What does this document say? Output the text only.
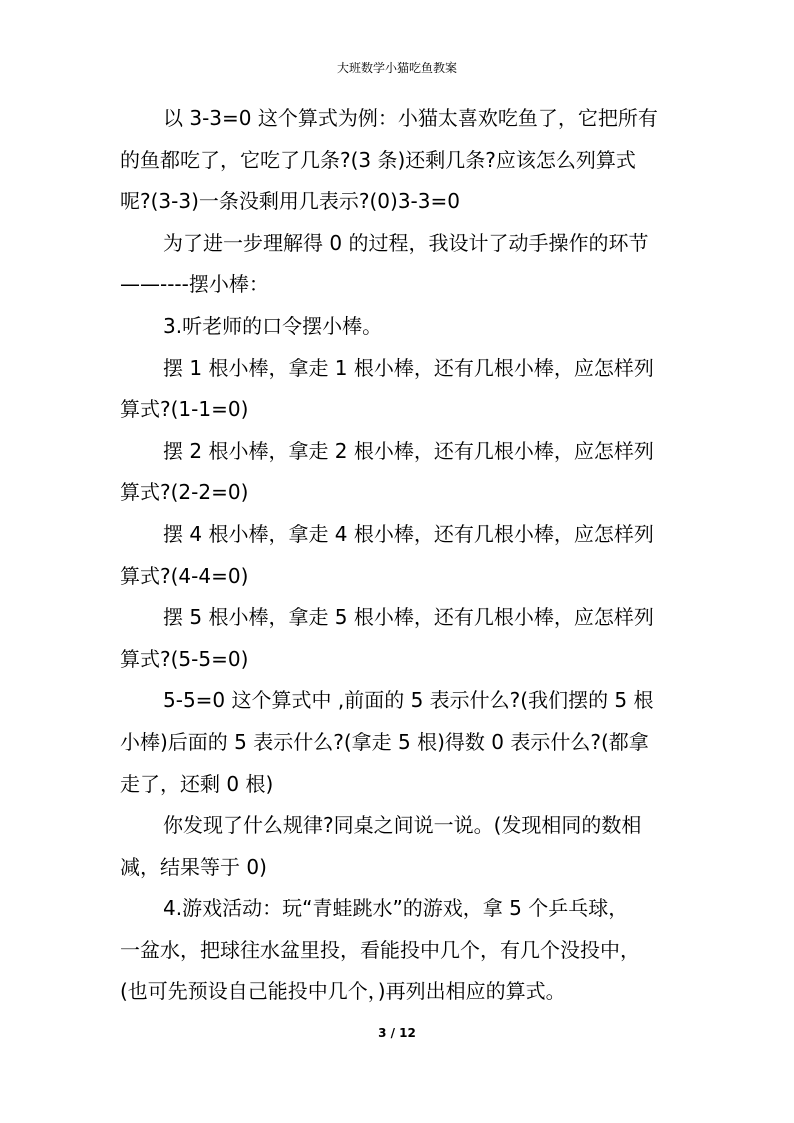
大班数学小猫吃鱼教案
以 3-3=0 这个算式为例：小猫太喜欢吃鱼了，它把所有
的鱼都吃了，它吃了几条?(3 条)还剩几条?应该怎么列算式
呢?(3-3)一条没剩用几表示?(0)3-3=0
为了进一步理解得 0 的过程，我设计了动手操作的环节
——----摆小棒：
3.听老师的口令摆小棒。
摆 1 根小棒，拿走 1 根小棒，还有几根小棒，应怎样列
算式?(1-1=0)
摆 2 根小棒，拿走 2 根小棒，还有几根小棒，应怎样列
算式?(2-2=0)
摆 4 根小棒，拿走 4 根小棒，还有几根小棒，应怎样列
算式?(4-4=0)
摆 5 根小棒，拿走 5 根小棒，还有几根小棒，应怎样列
算式?(5-5=0)
5-5=0 这个算式中 ,前面的 5 表示什么?(我们摆的 5 根
小棒)后面的 5 表示什么?(拿走 5 根)得数 0 表示什么?(都拿
走了，还剩 0 根)
你发现了什么规律?同桌之间说一说。(发现相同的数相
减，结果等于 0)
4.游戏活动：玩“青蛙跳水”的游戏，拿 5 个乒乓球，
一盆水，把球往水盆里投，看能投中几个，有几个没投中，
(也可先预设自己能投中几个，)再列出相应的算式。
3 / 12
